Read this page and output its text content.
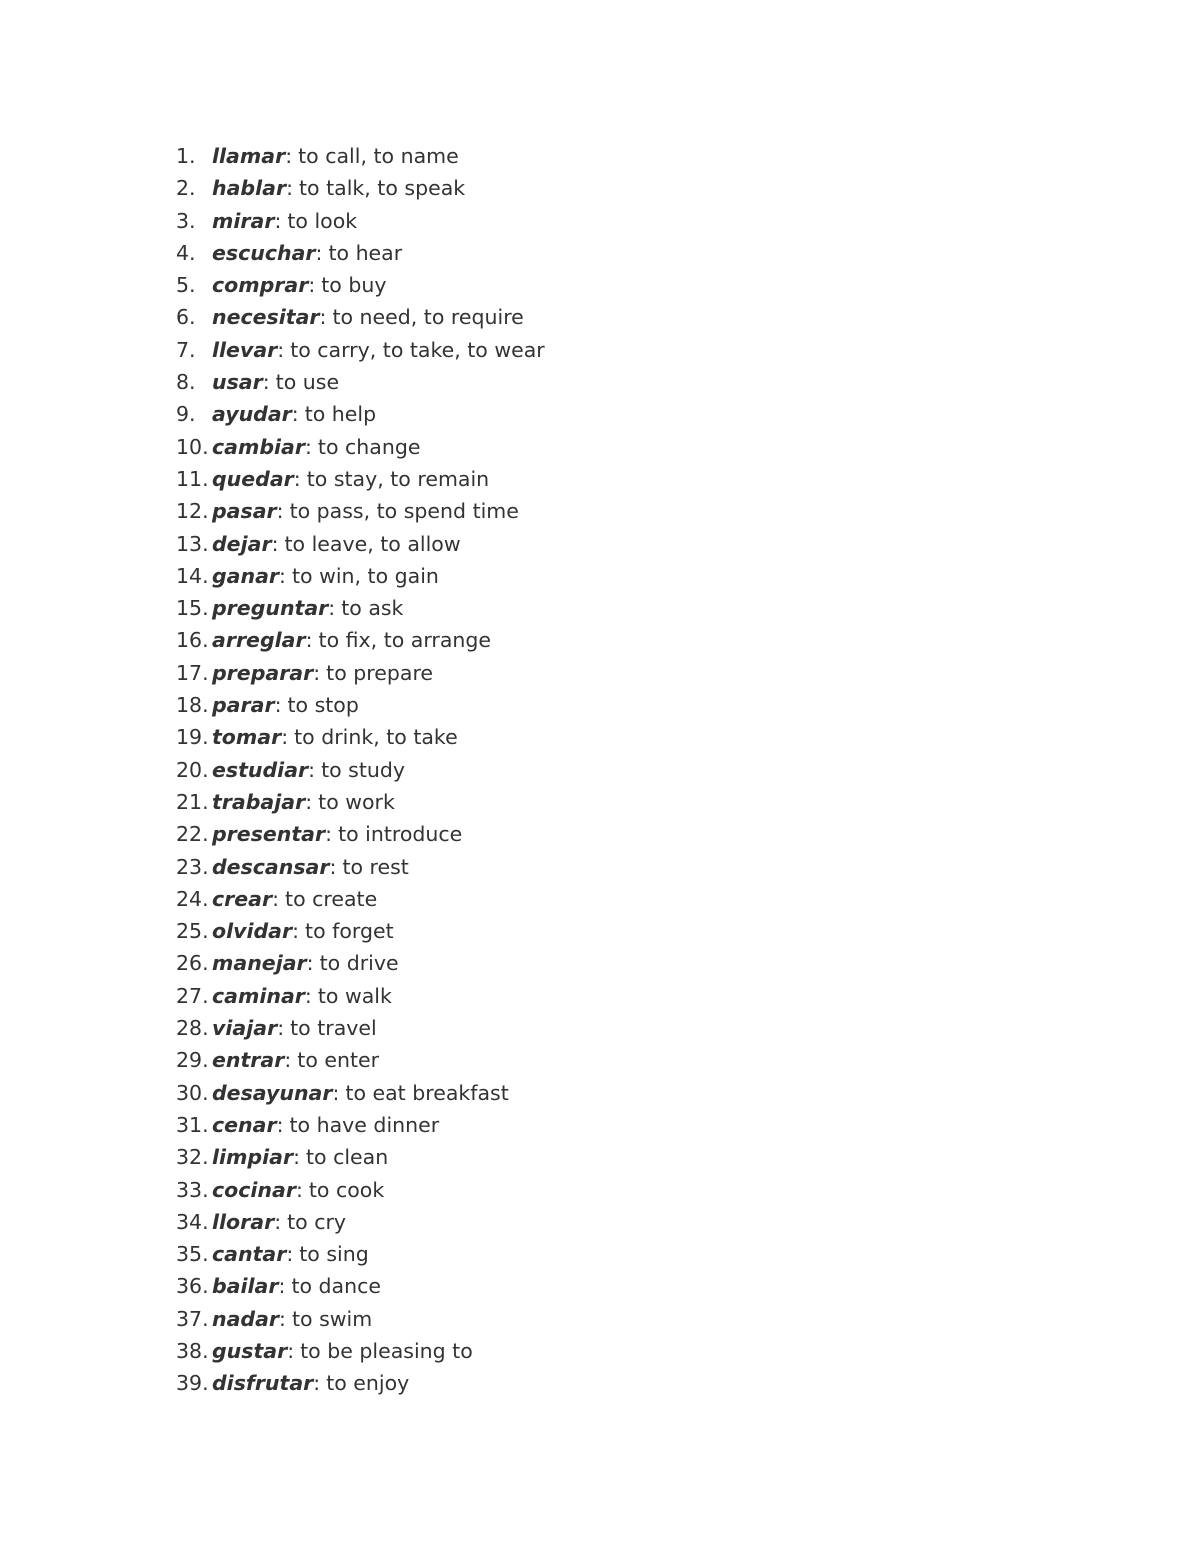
1. llamar : to call, to name
2. hablar : to talk, to speak
3. mirar : to look
4. escuchar : to hear
5. comprar : to buy
6. necesitar : to need, to require
7. llevar : to carry, to take, to wear
8. usar : to use
9. ayudar : to help
10. cambiar : to change
11. quedar : to stay, to remain
12. pasar : to pass, to spend time
13. dejar : to leave, to allow
14. ganar : to win, to gain
15. preguntar : to ask
16. arreglar : to fix, to arrange
17. preparar : to prepare
18. parar : to stop
19. tomar : to drink, to take
20. estudiar : to study
21. trabajar : to work
22. presentar : to introduce
23. descansar : to rest
24. crear : to create
25. olvidar : to forget
26. manejar : to drive
27. caminar : to walk
28. viajar : to travel
29. entrar : to enter
30. desayunar : to eat breakfast
31. cenar : to have dinner
32. limpiar : to clean
33. cocinar : to cook
34. llorar : to cry
35. cantar : to sing
36. bailar : to dance
37. nadar : to swim
38. gustar : to be pleasing to
39. disfrutar : to enjoy
